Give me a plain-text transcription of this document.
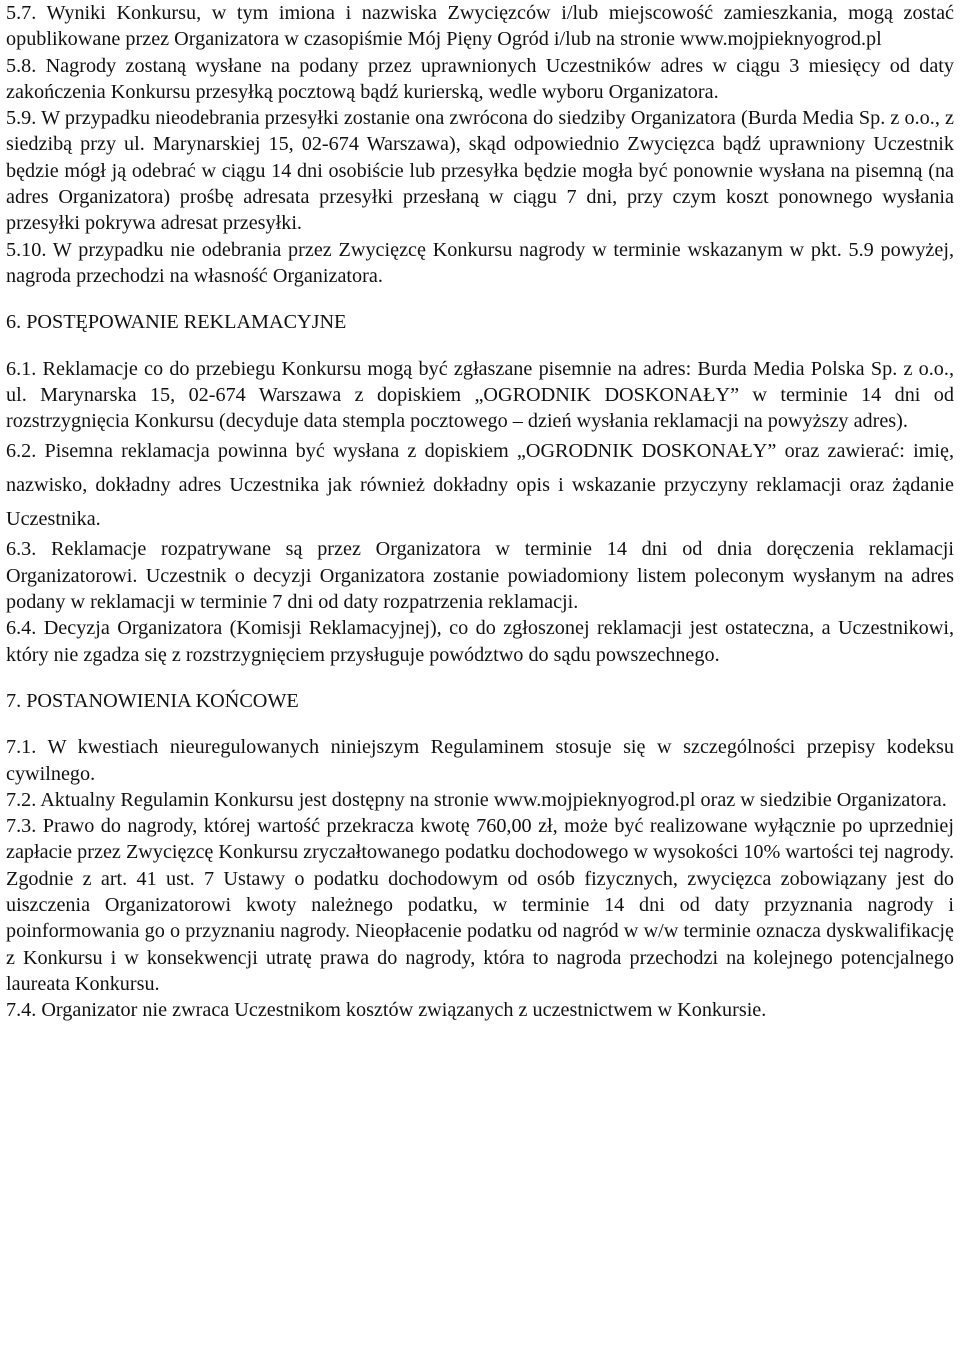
5.7. Wyniki Konkursu, w tym imiona i nazwiska Zwycięzców i/lub miejscowość zamieszkania, mogą zostać opublikowane przez Organizatora w czasopiśmie Mój Pięny Ogród i/lub na stronie www.mojpieknyogrod.pl

5.8. Nagrody zostaną wysłane na podany przez uprawnionych Uczestników adres w ciągu 3 miesięcy od daty zakończenia Konkursu przesyłką pocztową bądź kurierską, wedle wyboru Organizatora.

5.9. W przypadku nieodebrania przesyłki zostanie ona zwrócona do siedziby Organizatora (Burda Media Sp. z o.o., z siedzibą przy ul. Marynarskiej 15, 02-674 Warszawa), skąd odpowiednio Zwycięzca bądź uprawniony Uczestnik będzie mógł ją odebrać w ciągu 14 dni osobiście lub przesyłka będzie mogła być ponownie wysłana na pisemną (na adres Organizatora) prośbę adresata przesyłki przesłaną w ciągu 7 dni, przy czym koszt ponownego wysłania przesyłki pokrywa adresat przesyłki.

5.10. W przypadku nie odebrania przez Zwycięzcę Konkursu nagrody w terminie wskazanym w pkt. 5.9 powyżej, nagroda przechodzi na własność Organizatora.

6. POSTĘPOWANIE REKLAMACYJNE

6.1. Reklamacje co do przebiegu Konkursu mogą być zgłaszane pisemnie na adres: Burda Media Polska Sp. z o.o., ul. Marynarska 15, 02-674 Warszawa z dopiskiem „OGRODNIK DOSKONAŁY” w terminie 14 dni od rozstrzygnięcia Konkursu (decyduje data stempla pocztowego – dzień wysłania reklamacji na powyższy adres).

6.2. Pisemna reklamacja powinna być wysłana z dopiskiem „OGRODNIK DOSKONAŁY” oraz zawierać: imię, nazwisko, dokładny adres Uczestnika jak również dokładny opis i wskazanie przyczyny reklamacji oraz żądanie Uczestnika.

6.3. Reklamacje rozpatrywane są przez Organizatora w terminie 14 dni od dnia doręczenia reklamacji Organizatorowi. Uczestnik o decyzji Organizatora zostanie powiadomiony listem poleconym wysłanym na adres podany w reklamacji w terminie 7 dni od daty rozpatrzenia reklamacji.

6.4. Decyzja Organizatora (Komisji Reklamacyjnej), co do zgłoszonej reklamacji jest ostateczna, a Uczestnikowi, który nie zgadza się z rozstrzygnięciem przysługuje powództwo do sądu powszechnego.

7. POSTANOWIENIA KOŃCOWE

7.1. W kwestiach nieuregulowanych niniejszym Regulaminem stosuje się w szczególności przepisy kodeksu cywilnego.

7.2. Aktualny Regulamin Konkursu jest dostępny na stronie www.mojpieknyogrod.pl oraz w siedzibie Organizatora.

7.3. Prawo do nagrody, której wartość przekracza kwotę 760,00 zł, może być realizowane wyłącznie po uprzedniej zapłacie przez Zwycięzcę Konkursu zryczałtowanego podatku dochodowego w wysokości 10% wartości tej nagrody. Zgodnie z art. 41 ust. 7 Ustawy o podatku dochodowym od osób fizycznych, zwycięzca zobowiązany jest do uiszczenia Organizatorowi kwoty należnego podatku, w terminie 14 dni od daty przyznania nagrody i poinformowania go o przyznaniu nagrody. Nieopłacenie podatku od nagród w w/w terminie oznacza dyskwalifikację z Konkursu i w konsekwencji utratę prawa do nagrody, która to nagroda przechodzi na kolejnego potencjalnego laureata Konkursu.

7.4. Organizator nie zwraca Uczestnikom kosztów związanych z uczestnictwem w Konkursie.
